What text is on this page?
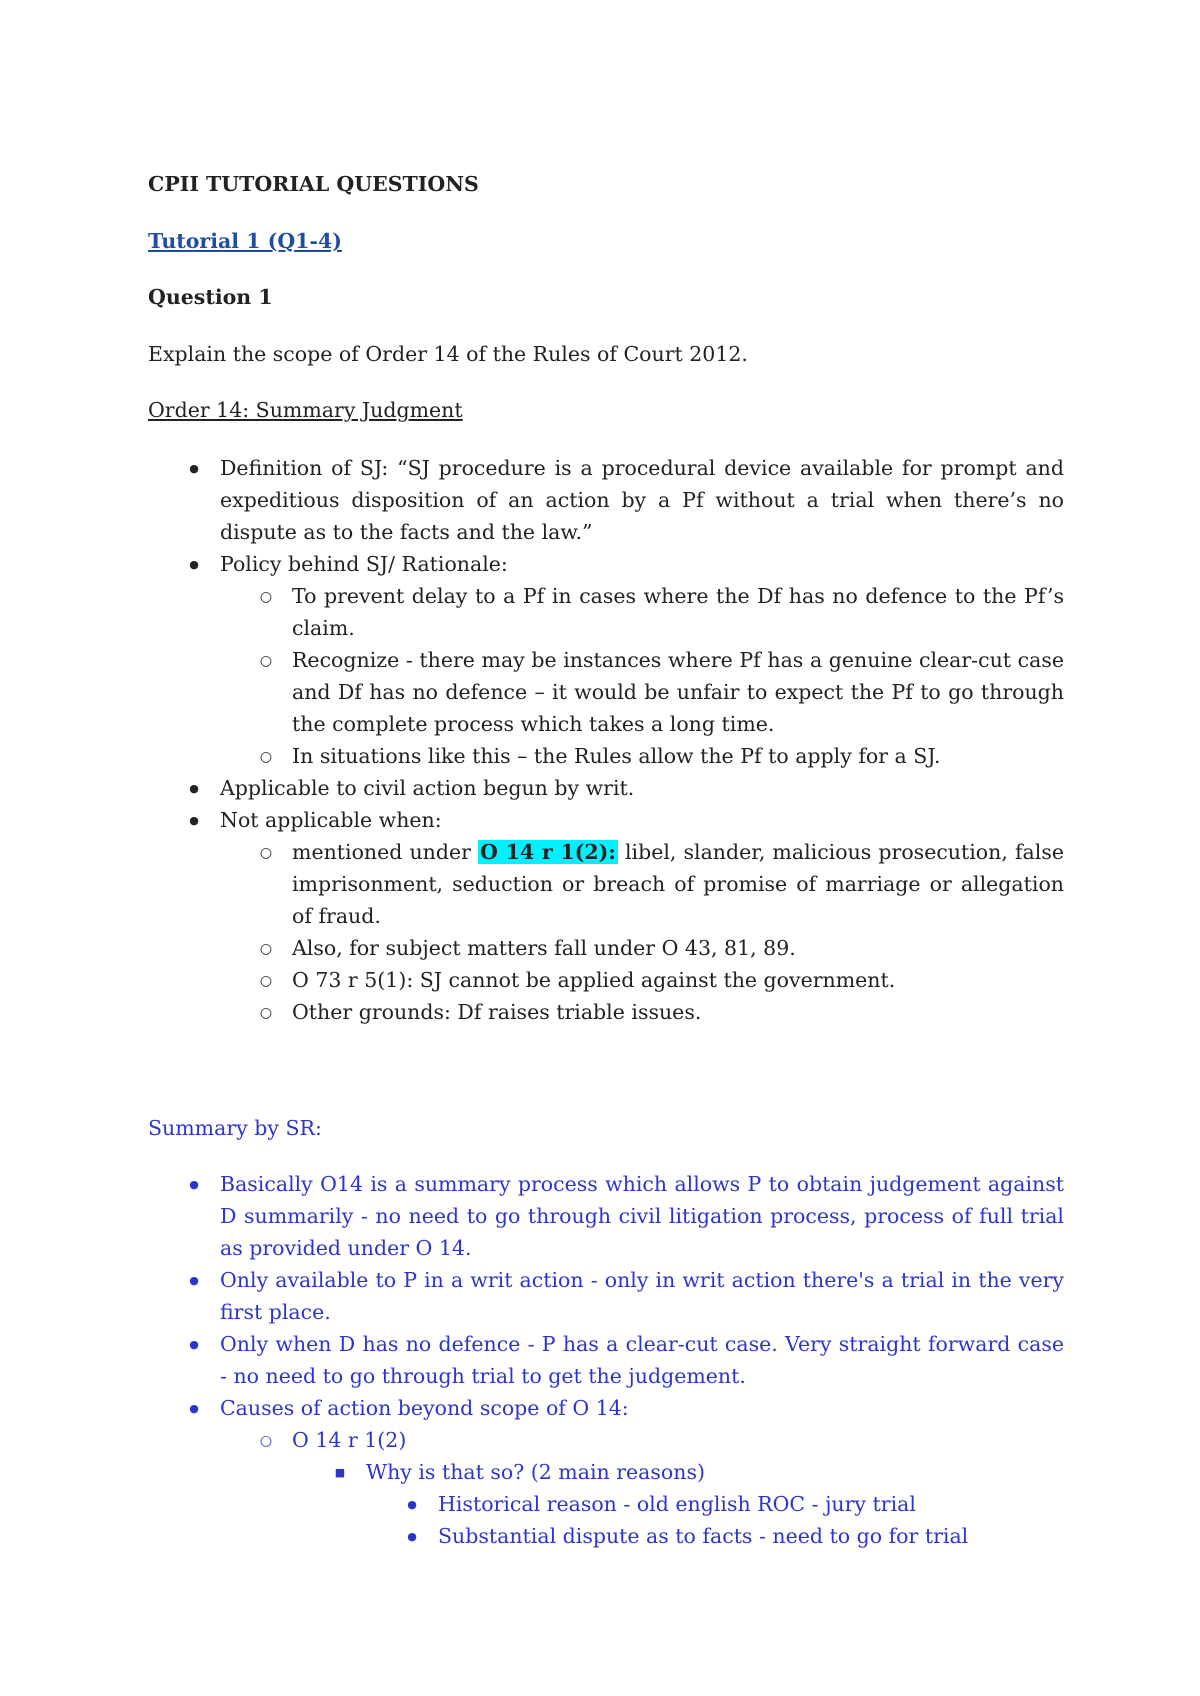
CPII TUTORIAL QUESTIONS
Tutorial 1 (Q1-4)
Question 1
Explain the scope of Order 14 of the Rules of Court 2012.
Order 14: Summary Judgment
●
Definition of SJ: “SJ procedure is a procedural device available for prompt and expeditious disposition of an action by a Pf without a trial when there’s no dispute as to the facts and the law.”
●
Policy behind SJ/ Rationale:
○
To prevent delay to a Pf in cases where the Df has no defence to the Pf’s claim.
○
Recognize - there may be instances where Pf has a genuine clear-cut case and Df has no defence – it would be unfair to expect the Pf to go through the complete process which takes a long time.
○
In situations like this – the Rules allow the Pf to apply for a SJ.
●
Applicable to civil action begun by writ.
●
Not applicable when:
○
mentioned under O 14 r 1(2): libel, slander, malicious prosecution, false imprisonment, seduction or breach of promise of marriage or allegation of fraud.
○
Also, for subject matters fall under O 43, 81, 89.
○
O 73 r 5(1): SJ cannot be applied against the government.
○
Other grounds: Df raises triable issues.
Summary by SR:
●
Basically O14 is a summary process which allows P to obtain judgement against D summarily - no need to go through civil litigation process, process of full trial as provided under O 14.
●
Only available to P in a writ action - only in writ action there's a trial in the very first place.
●
Only when D has no defence - P has a clear-cut case. Very straight forward case - no need to go through trial to get the judgement.
●
Causes of action beyond scope of O 14:
○
O 14 r 1(2)
■
Why is that so? (2 main reasons)
●
Historical reason - old english ROC - jury trial
●
Substantial dispute as to facts - need to go for trial
